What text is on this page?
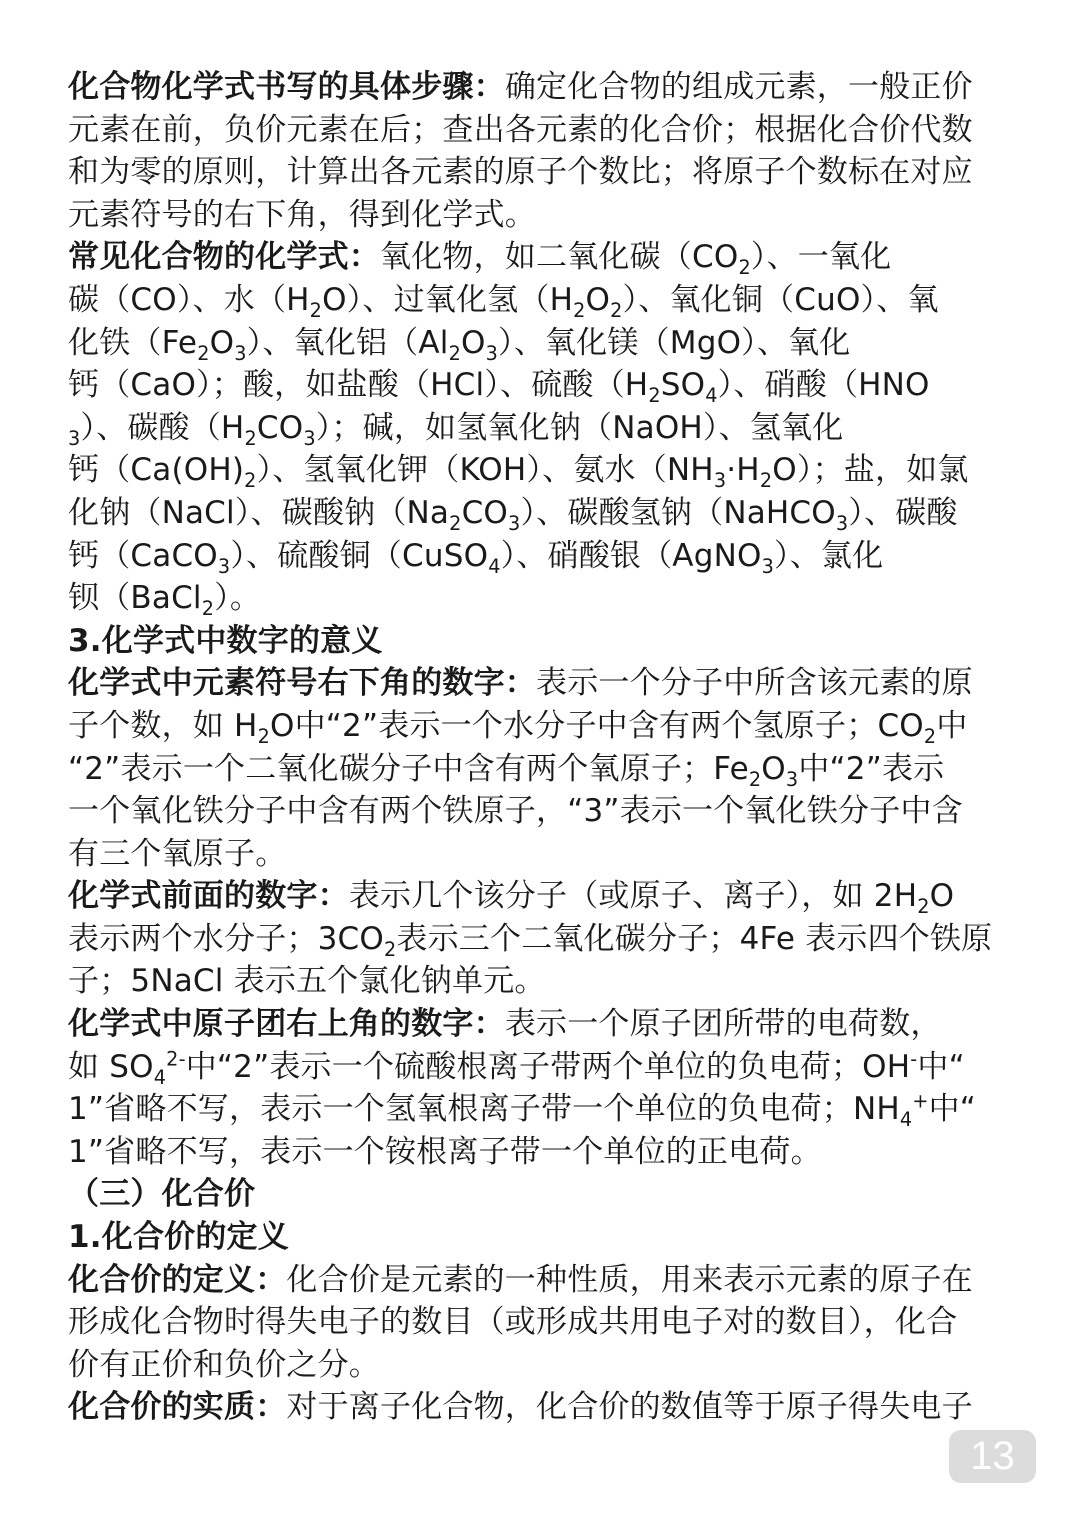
化合物化学式书写的具体步骤：确定化合物的组成元素，一般正价
元素在前，负价元素在后；查出各元素的化合价；根据化合价代数
和为零的原则，计算出各元素的原子个数比；将原子个数标在对应
元素符号的右下角，得到化学式。
常见化合物的化学式：氧化物，如二氧化碳$(CO_2)$、一氧化
碳（CO）、水$(H_2O)$、过氧化氢$(H_2O_2)$、氧化铜（CuO）、氧
化铁$(Fe_2O_3)$、氧化铝$(Al_2O_3)$、氧化镁（MgO）、氧化
钙（CaO）；酸，如盐酸（HCl）、硫酸$(H_2SO_4)$、硝酸（HNO
$_3$）、碳酸$(H_2CO_3)$；碱，如氢氧化钠（NaOH）、氢氧化
钙$(Ca(OH)_2)$、氢氧化钾（KOH）、氨水$(NH_3\cdot H_2O)$；盐，如氯
化钠（NaCl）、碳酸钠$(Na_2CO_3)$、碳酸氢钠（NaHCO$_3$）、碳酸
钙（CaCO$_3$）、硫酸铜（CuSO$_4$）、硝酸银（AgNO$_3$）、氯化
钡（BaCl$_2$）。
3.化学式中数字的意义
化学式中元素符号右下角的数字：表示一个分子中所含该元素的原
子个数，如 $H_2O$中“2”表示一个水分子中含有两个氢原子；$CO_2$中
“2”表示一个二氧化碳分子中含有两个氧原子；$Fe_2O_3$中“2”表示
一个氧化铁分子中含有两个铁原子，“3”表示一个氧化铁分子中含
有三个氧原子。
化学式前面的数字：表示几个该分子（或原子、离子），如 $2H_2O$
表示两个水分子；$3CO_2$表示三个二氧化碳分子；4Fe 表示四个铁原
子；5NaCl 表示五个氯化钠单元。
化学式中原子团右上角的数字：表示一个原子团所带的电荷数，
如 $SO_4^{2-}$中“2”表示一个硫酸根离子带两个单位的负电荷；OH-中“
1”省略不写，表示一个氢氧根离子带一个单位的负电荷；$NH_4^+$中“
1”省略不写，表示一个铵根离子带一个单位的正电荷。
（三）化合价
1.化合价的定义
化合价的定义：化合价是元素的一种性质，用来表示元素的原子在
形成化合物时得失电子的数目（或形成共用电子对的数目），化合
价有正价和负价之分。
化合价的实质：对于离子化合物，化合价的数值等于原子得失电子
13
